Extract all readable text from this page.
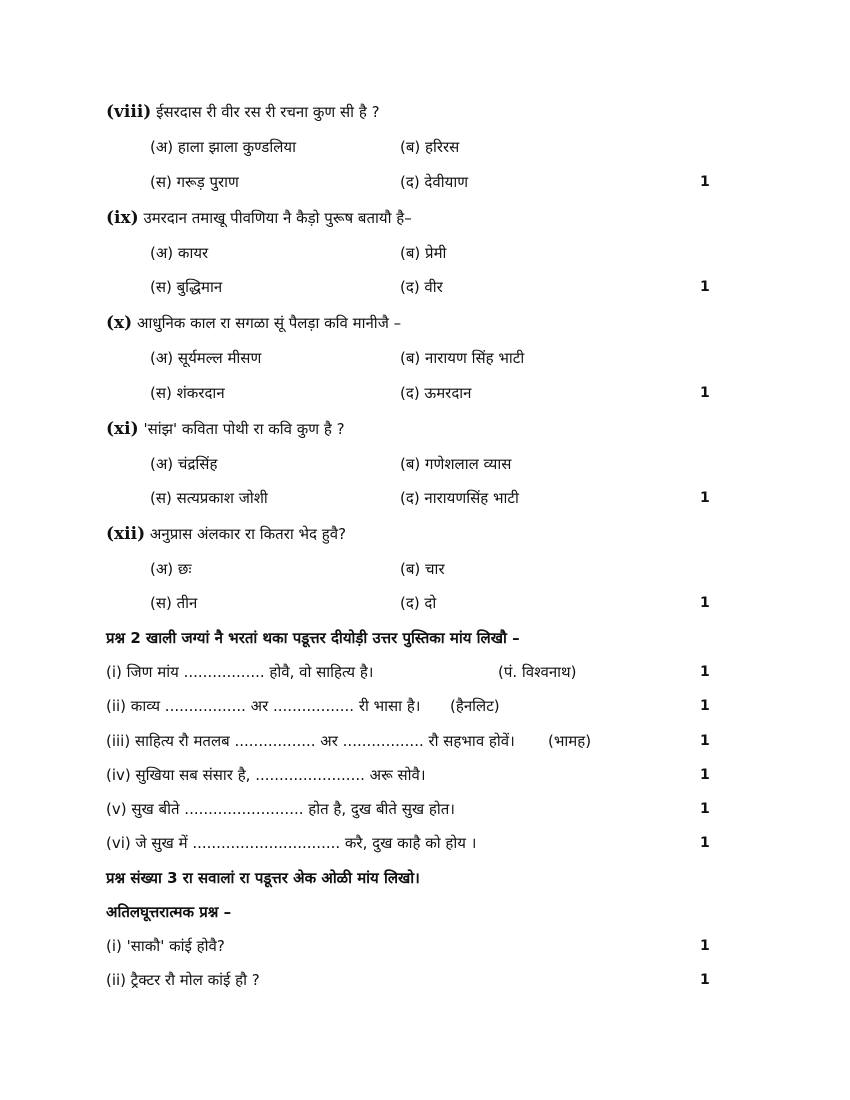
(viii) ईसरदास री वीर रस री रचना कुण सी है ?
(अ) हाला झाला कुण्डलिया	(ब) हरिरस
(स) गरूड़ पुराण	(द) देवीयाण	1
(ix) उमरदान तमाखू पीवणिया नै कैड़ो पुरूष बतायौ है–
(अ) कायर	(ब) प्रेमी
(स) बुद्धिमान	(द) वीर	1
(x) आधुनिक काल रा सगळा सूं पैलड़ा कवि मानीजै –
(अ) सूर्यमल्ल मीसण	(ब) नारायण सिंह भाटी
(स) शंकरदान	(द) ऊमरदान	1
(xi) 'सांझ' कविता पोथी रा कवि कुण है ?
(अ) चंद्रसिंह	(ब) गणेशलाल व्यास
(स) सत्यप्रकाश जोशी	(द) नारायणसिंह भाटी	1
(xii) अनुप्रास अंलकार रा कितरा भेद हुवै?
(अ) छः	(ब) चार
(स) तीन	(द) दो	1
प्रश्न 2 खाली जग्यां नै भरतां थका पडूत्तर दीयोड़ी उत्तर पुस्तिका मांय लिखौ –
(i) जिण मांय ................. होवै, वो साहित्य है।	(पं. विश्वनाथ)	1
(ii) काव्य ................. अर ................. री भासा है। (हैनलिट)	1
(iii) साहित्य रौ मतलब ................. अर ................. रौ सहभाव होवें। (भामह)	1
(iv) सुखिया सब संसार है, ....................... अरू सोवै।	1
(v) सुख बीते ......................... होत है, दुख बीते सुख होत।	1
(vi) जे सुख में ............................... करै, दुख काहै को होय ।	1
प्रश्न संख्या 3 रा सवालां रा पडूत्तर अेक ओळी मांय लिखो।
अतिलघूत्तरात्मक प्रश्न –
(i) 'साकौ' कांई होवै?	1
(ii) ट्रैक्टर रौ मोल कांई हौ ?	1
